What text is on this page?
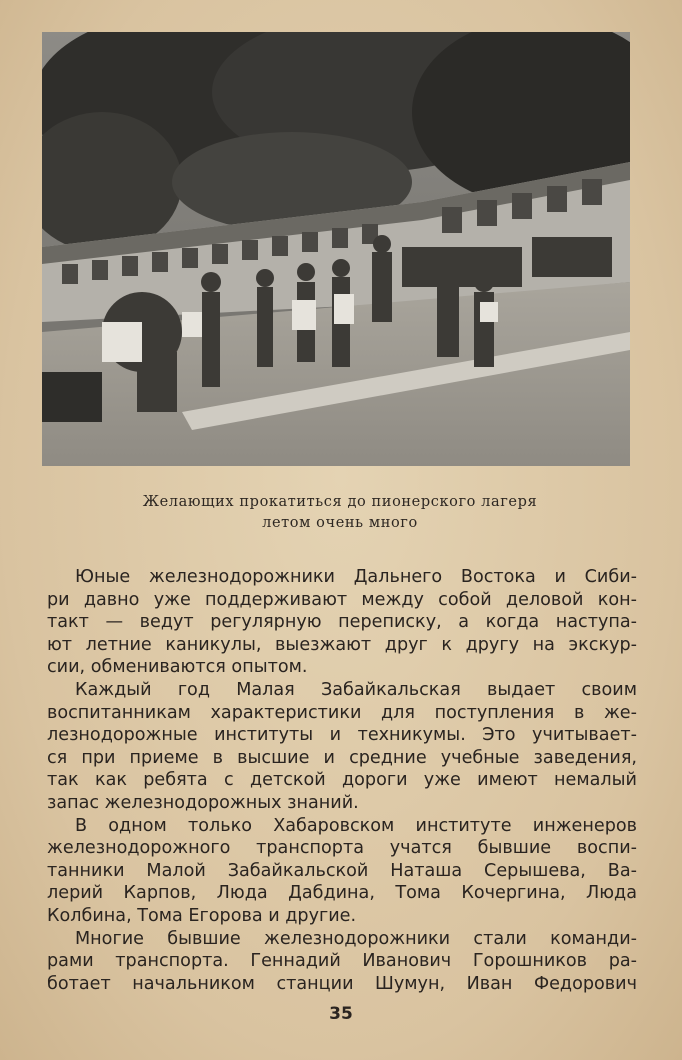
Желающих прокатиться до пионерского лагеря
летом очень много
Юные железнодорожники Дальнего Востока и Сиби-
ри давно уже поддерживают между собой деловой кон-
такт — ведут регулярную переписку, а когда наступа-
ют летние каникулы, выезжают друг к другу на экскур-
сии, обмениваются опытом.
Каждый год Малая Забайкальская выдает своим
воспитанникам характеристики для поступления в же-
лезнодорожные институты и техникумы. Это учитывает-
ся при приеме в высшие и средние учебные заведения,
так как ребята с детской дороги уже имеют немалый
запас железнодорожных знаний.
В одном только Хабаровском институте инженеров
железнодорожного транспорта учатся бывшие воспи-
танники Малой Забайкальской Наташа Серышева, Ва-
лерий Карпов, Люда Дабдина, Тома Кочергина, Люда
Колбина, Тома Егорова и другие.
Многие бывшие железнодорожники стали команди-
рами транспорта. Геннадий Иванович Горошников ра-
ботает начальником станции Шумун, Иван Федорович
35
